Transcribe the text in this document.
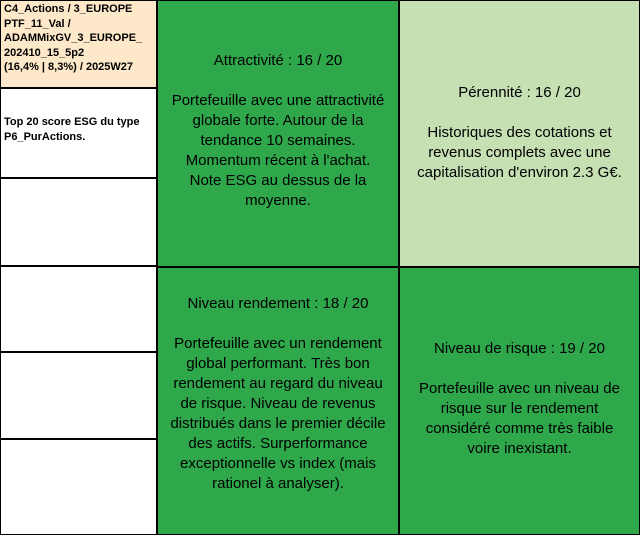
C4_Actions / 3_EUROPE
PTF_11_Val /
ADAMMixGV_3_EUROPE_
202410_15_5p2
(16,4% | 8,3%) / 2025W27
Top 20 score ESG du type
P6_PurActions.
Attractivité : 16 / 20
Portefeuille avec une attractivité
globale forte. Autour de la
tendance 10 semaines.
Momentum récent à l'achat.
Note ESG au dessus de la
moyenne.
Pérennité : 16 / 20
Historiques des cotations et
revenus complets avec une
capitalisation d'environ 2.3 G€.
Niveau rendement : 18 / 20
Portefeuille avec un rendement
global performant. Très bon
rendement au regard du niveau
de risque. Niveau de revenus
distribués dans le premier décile
des actifs. Surperformance
exceptionnelle vs index (mais
rationel à analyser).
Niveau de risque : 19 / 20
Portefeuille avec un niveau de
risque sur le rendement
considéré comme très faible
voire inexistant.
